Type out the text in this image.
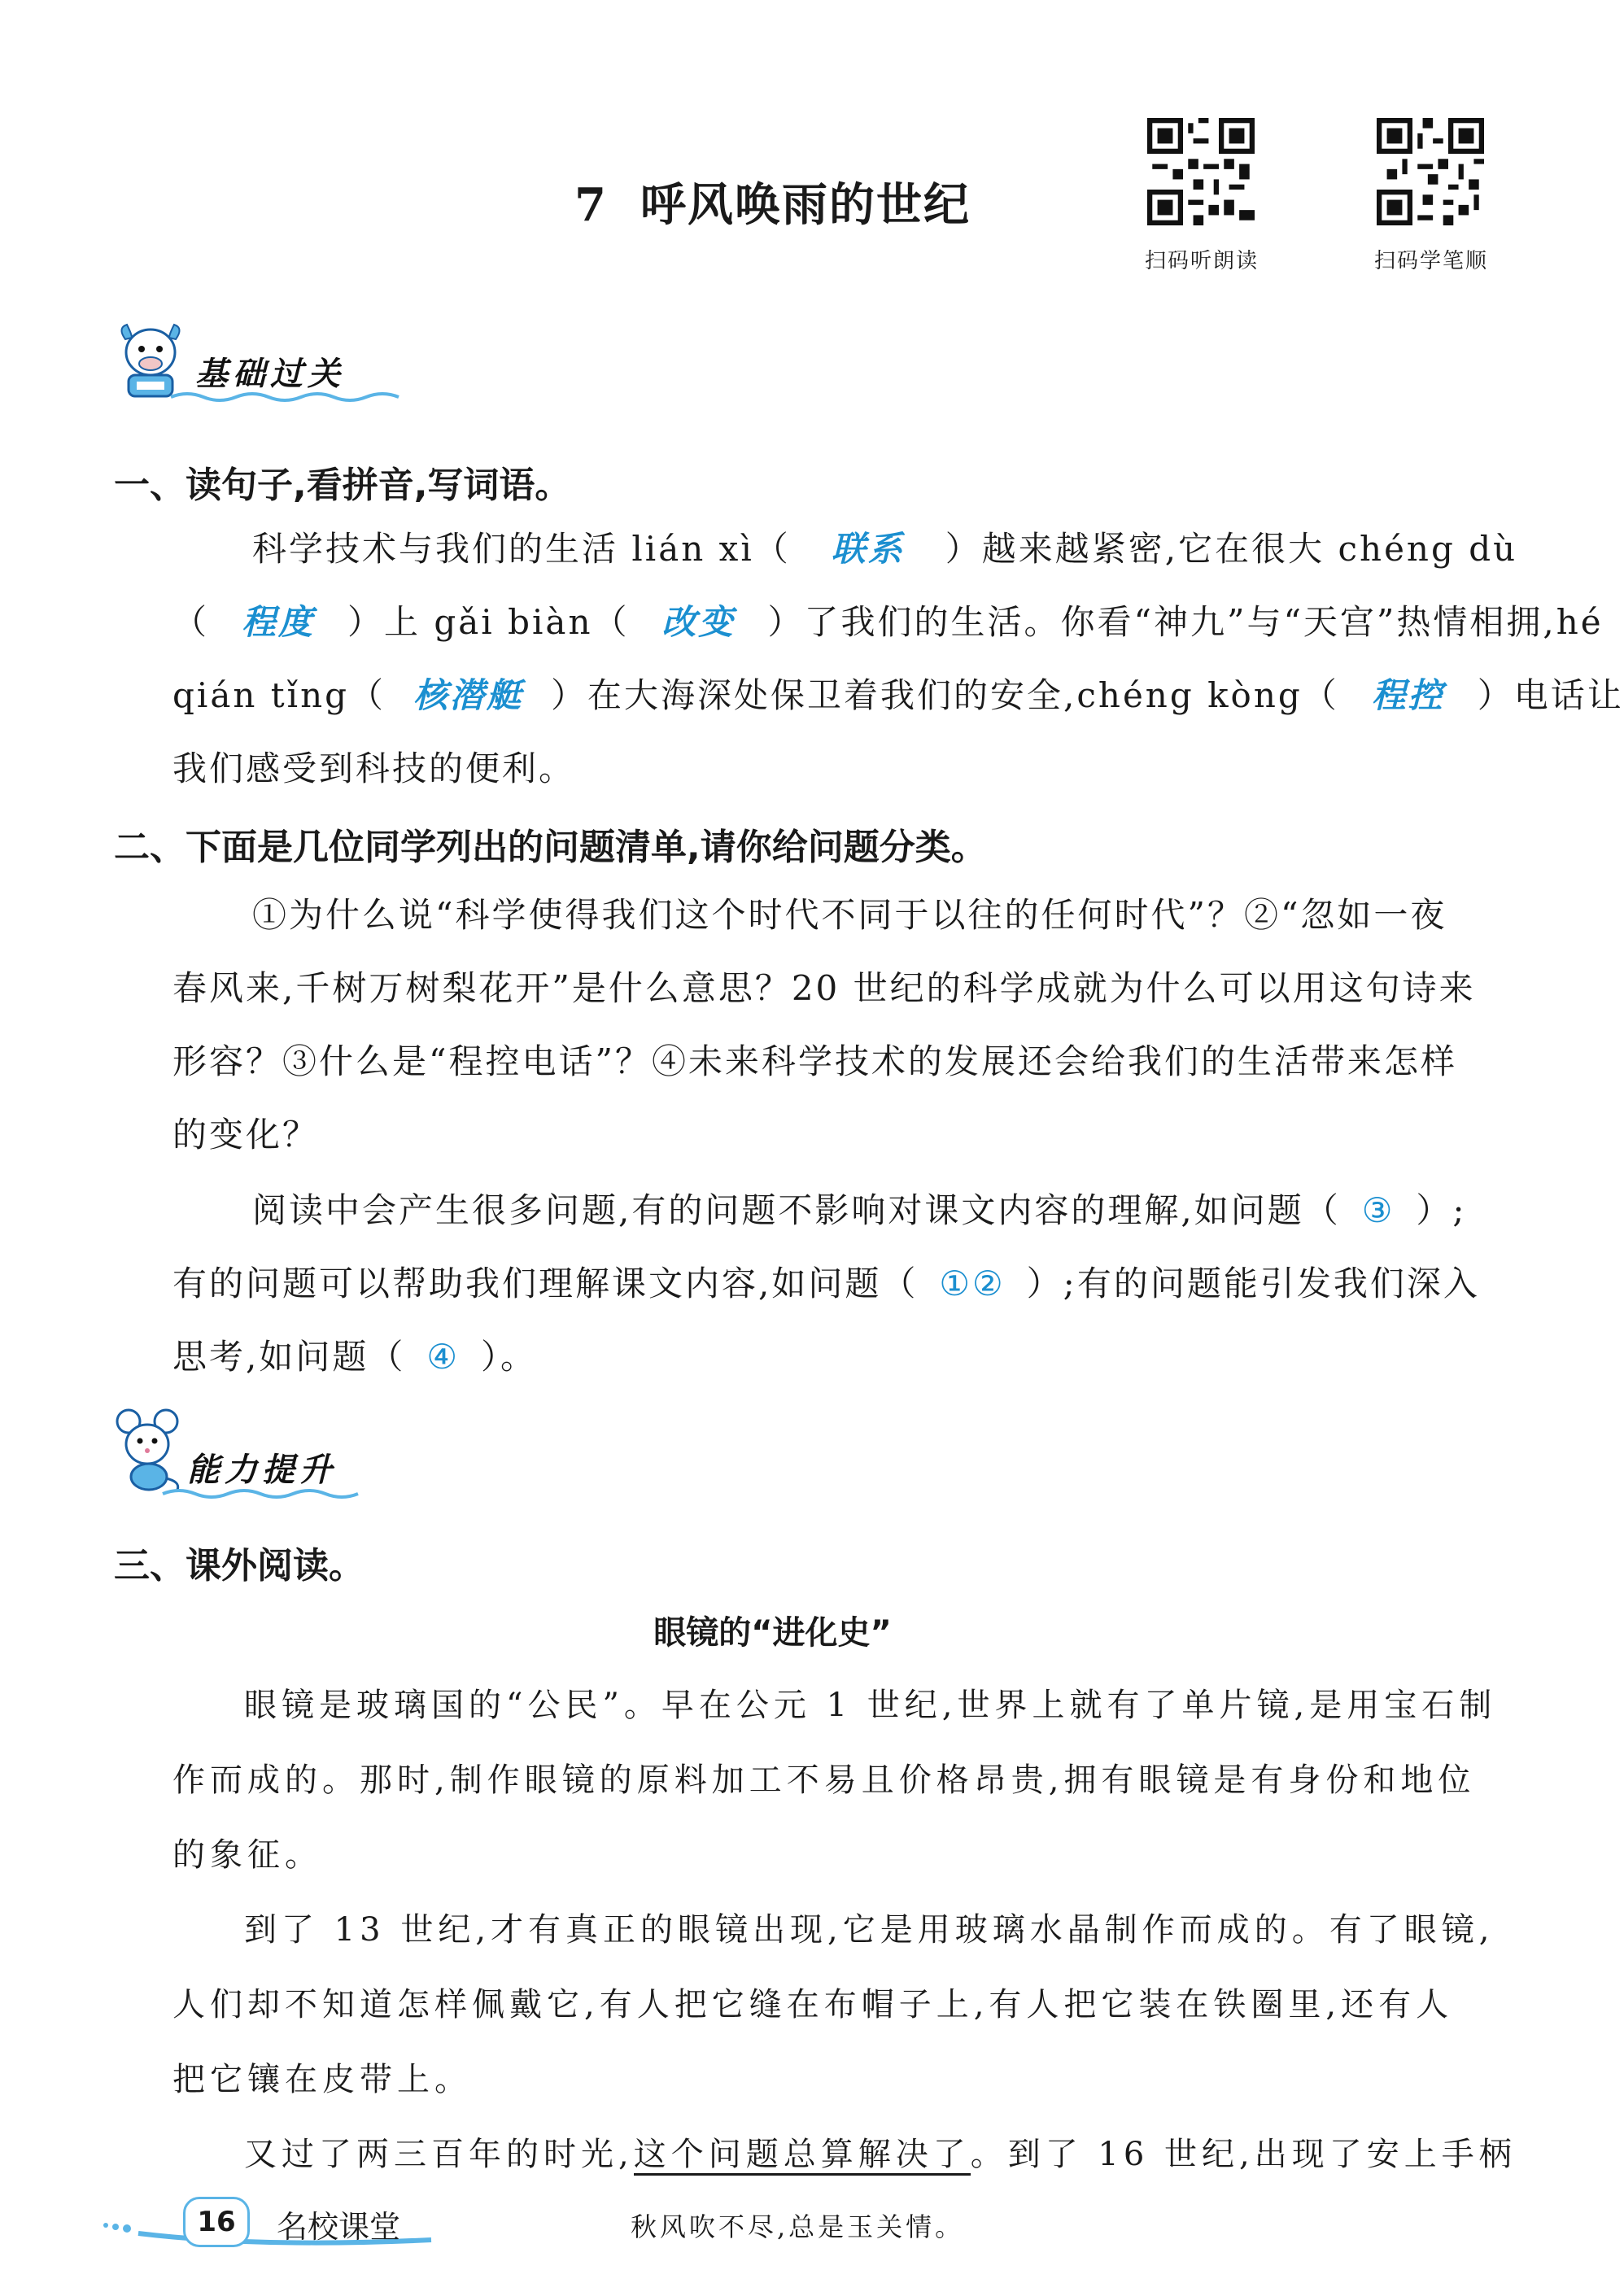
7 呼风唤雨的世纪
扫码听朗读	扫码学笔顺
基础过关
一、读句子,看拼音,写词语。
科学技术与我们的生活 lián xì（ 联系 ）越来越紧密,它在很大 chéng dù
（ 程度 ）上 gǎi biàn（ 改变 ）了我们的生活。你看“神九”与“天宫”热情相拥,hé
qián tǐng（ 核潜艇 ）在大海深处保卫着我们的安全,chéng kòng（ 程控 ）电话让
我们感受到科技的便利。
二、下面是几位同学列出的问题清单,请你给问题分类。
①为什么说“科学使得我们这个时代不同于以往的任何时代”？②“忽如一夜
春风来,千树万树梨花开”是什么意思？20 世纪的科学成就为什么可以用这句诗来
形容？③什么是“程控电话”？④未来科学技术的发展还会给我们的生活带来怎样
的变化？
阅读中会产生很多问题,有的问题不影响对课文内容的理解,如问题（ ③ ）;
有的问题可以帮助我们理解课文内容,如问题（ ①② ）;有的问题能引发我们深入
思考,如问题（ ④ ）。
能力提升
三、课外阅读。
眼镜的“进化史”
眼镜是玻璃国的“公民”。早在公元 1 世纪,世界上就有了单片镜,是用宝石制
作而成的。那时,制作眼镜的原料加工不易且价格昂贵,拥有眼镜是有身份和地位
的象征。
到了 13 世纪,才有真正的眼镜出现,它是用玻璃水晶制作而成的。有了眼镜,
人们却不知道怎样佩戴它,有人把它缝在布帽子上,有人把它装在铁圈里,还有人
把它镶在皮带上。
又过了两三百年的时光,这个问题总算解决了。到了 16 世纪,出现了安上手柄
16	名校课堂	秋风吹不尽,总是玉关情。
